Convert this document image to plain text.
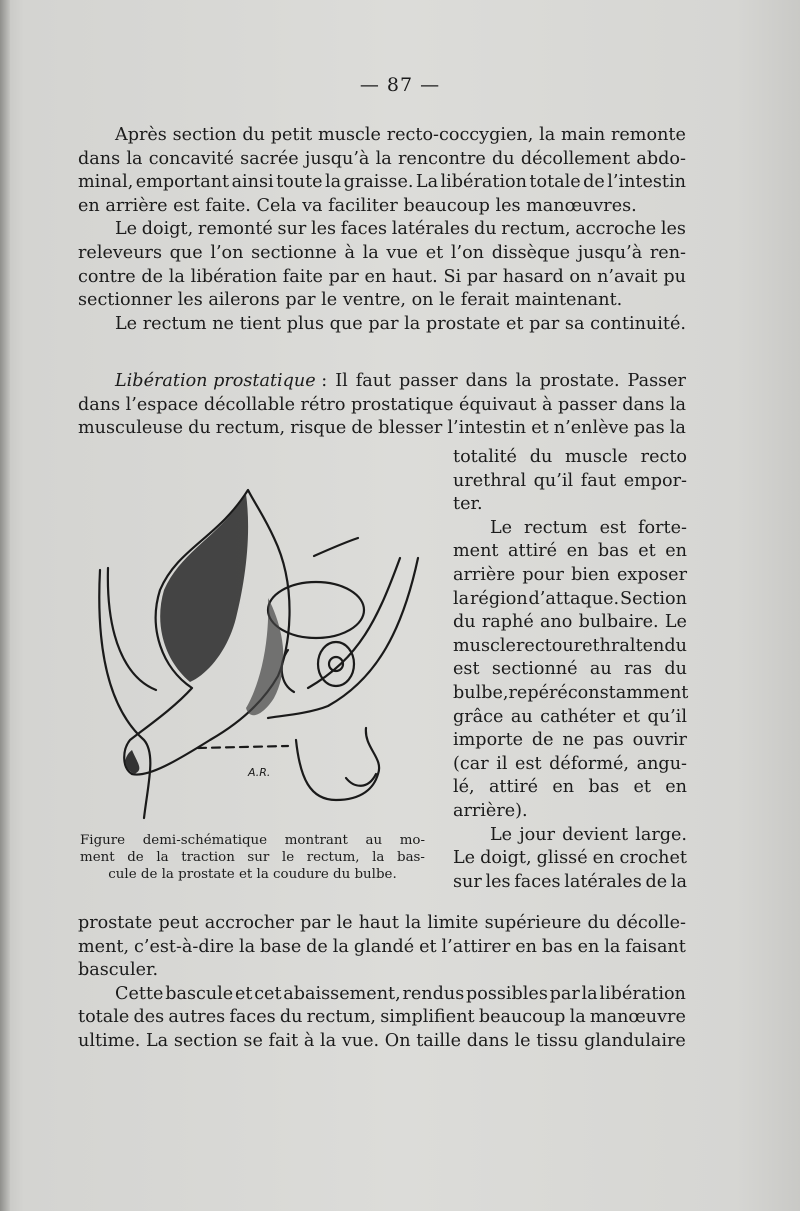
— 87 —
Après section du petit muscle recto-coccygien, la main remonte
dans la concavité sacrée jusqu’à la rencontre du décollement abdo-
minal, emportant ainsi toute la graisse. La libération totale de l’intestin
en arrière est faite. Cela va faciliter beaucoup les manœuvres.
Le doigt, remonté sur les faces latérales du rectum, accroche les
releveurs que l’on sectionne à la vue et l’on dissèque jusqu’à ren-
contre de la libération faite par en haut. Si par hasard on n’avait pu
sectionner les ailerons par le ventre, on le ferait maintenant.
Le rectum ne tient plus que par la prostate et par sa continuité.
Libération prostatique : Il faut passer dans la prostate. Passer
dans l’espace décollable rétro prostatique équivaut à passer dans la
musculeuse du rectum, risque de blesser l’intestin et n’enlève pas la
totalité du muscle recto
urethral qu’il faut empor-
ter.
Le rectum est forte-
ment attiré en bas et en
arrière pour bien exposer
la région d’attaque. Section
du raphé ano bulbaire. Le
muscle recto urethral tendu
est sectionné au ras du
bulbe, repéré constamment
grâce au cathéter et qu’il
importe de ne pas ouvrir
(car il est déformé, angu-
lé, attiré en bas et en
arrière).
Le jour devient large.
Le doigt, glissé en crochet
sur les faces latérales de la
A.R.
Figure demi-schématique montrant au mo-
ment de la traction sur le rectum, la bas-
cule de la prostate et la coudure du bulbe.
prostate peut accrocher par le haut la limite supérieure du décolle-
ment, c’est-à-dire la base de la glandé et l’attirer en bas en la faisant
basculer.
Cette bascule et cet abaissement, rendus possibles par la libération
totale des autres faces du rectum, simplifient beaucoup la manœuvre
ultime. La section se fait à la vue. On taille dans le tissu glandulaire
